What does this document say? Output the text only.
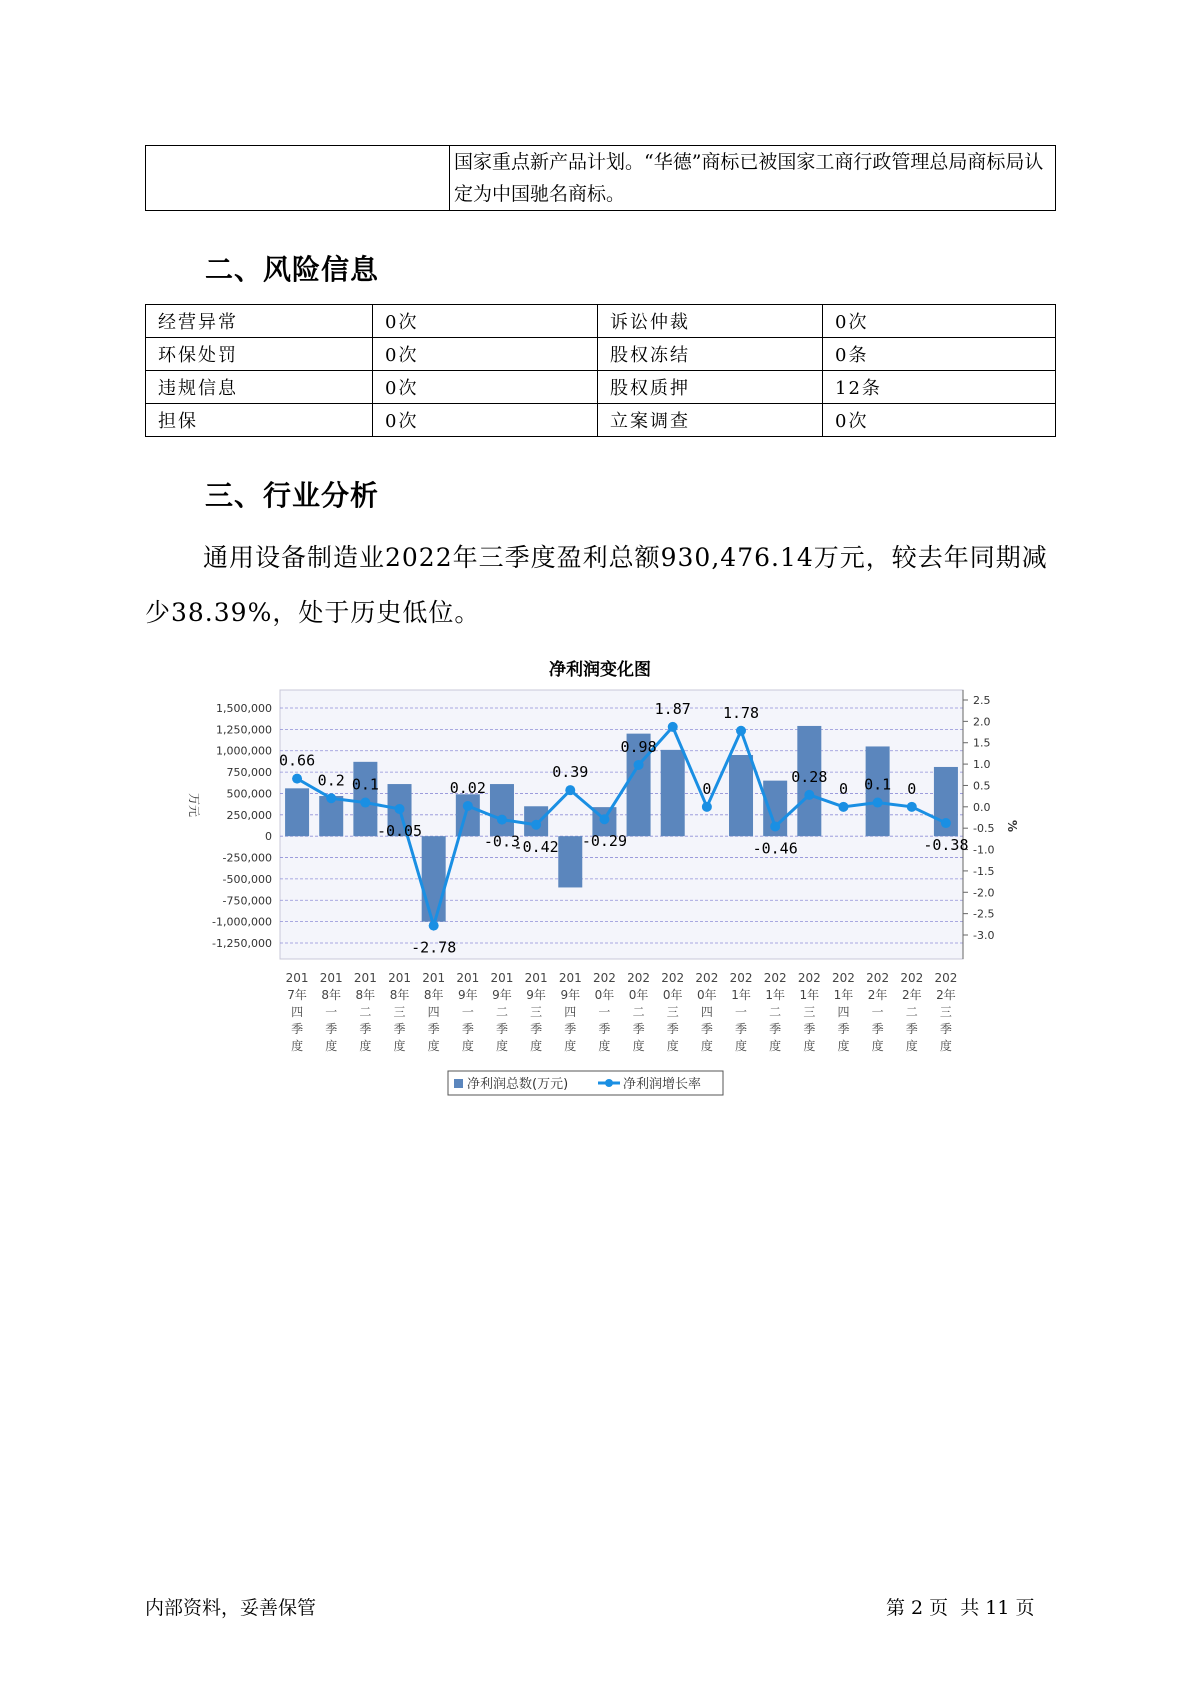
	国家重点新产品计划。“华德”商标已被国家工商行政管理总局商标局认定为中国驰名商标。
二、风险信息
经营异常	0次	诉讼仲裁	0次
环保处罚	0次	股权冻结	0条
违规信息	0次	股权质押	12条
担保	0次	立案调查	0次
三、行业分析
通用设备制造业2022年三季度盈利总额930,476.14万元，较去年同期减少38.39%，处于历史低位。
净利润变化图
1,500,000
1,250,000
1,000,000
750,000
500,000
250,000
0
-250,000
-500,000
-750,000
-1,000,000
-1,250,000
2.5
2.0
1.5
1.0
0.5
0.0
-0.5
-1.0
-1.5
-2.0
-2.5
-3.0
万元
%
0.66
0.2 0.1
-0.05
-2.78
0.02
-0.3
-0.42
0.39
-0.29
0.98
1.87
0
1.78
-0.46
0.28
0 0.1 0
-0.38
201 7年四季度
201 8年一季度
201 8年二季度
201 8年三季度
201 8年四季度
201 9年一季度
201 9年二季度
201 9年三季度
201 9年四季度
202 0年一季度
202 0年二季度
202 0年三季度
202 0年四季度
202 1年一季度
202 1年二季度
202 1年三季度
202 1年四季度
202 2年一季度
202 2年二季度
202 2年三季度
净利润总数(万元)	净利润增长率
内部资料，妥善保管	第 2 页  共 11 页
